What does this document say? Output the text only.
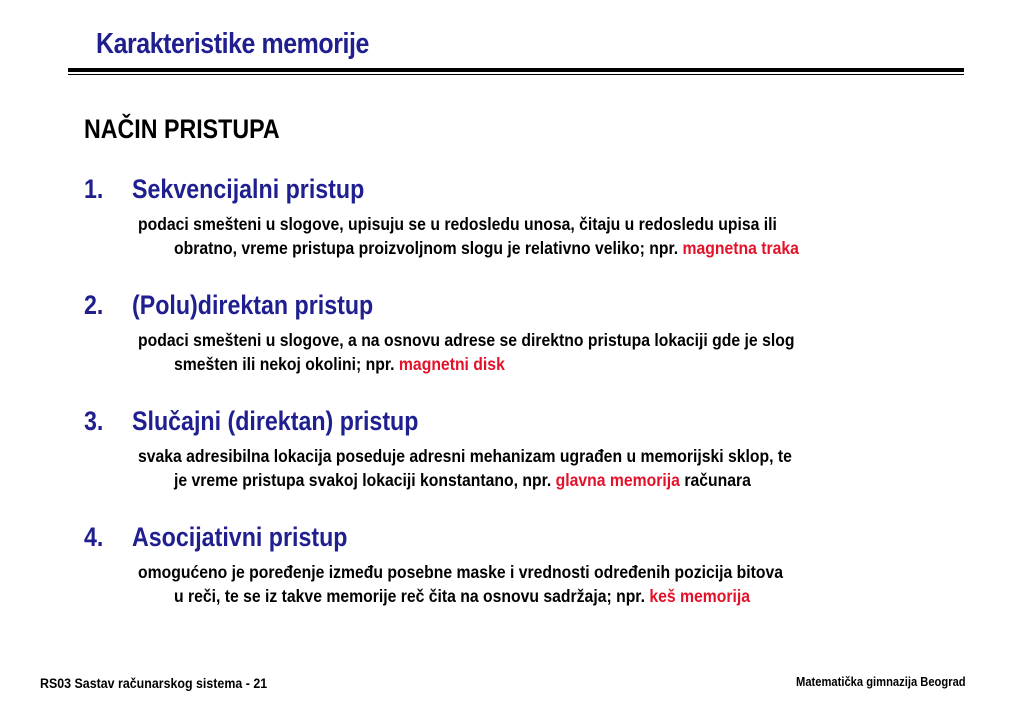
Karakteristike memorije
NAČIN PRISTUPA
1. Sekvencijalni pristup
podaci smešteni u slogove, upisuju se u redosledu unosa, čitaju u redosledu upisa ili
obratno, vreme pristupa proizvoljnom slogu je relativno veliko; npr. magnetna traka
2. (Polu)direktan pristup
podaci smešteni u slogove, a na osnovu adrese se direktno pristupa lokaciji gde je slog
smešten ili nekoj okolini; npr. magnetni disk
3. Slučajni (direktan) pristup
svaka adresibilna lokacija poseduje adresni mehanizam ugrađen u memorijski sklop, te
je vreme pristupa svakoj lokaciji konstantano, npr. glavna memorija računara
4. Asocijativni pristup
omogućeno je poređenje između posebne maske i vrednosti određenih pozicija bitova
u reči, te se iz takve memorije reč čita na osnovu sadržaja; npr. keš memorija
RS03 Sastav računarskog sistema - 21	Matematička gimnazija Beograd
